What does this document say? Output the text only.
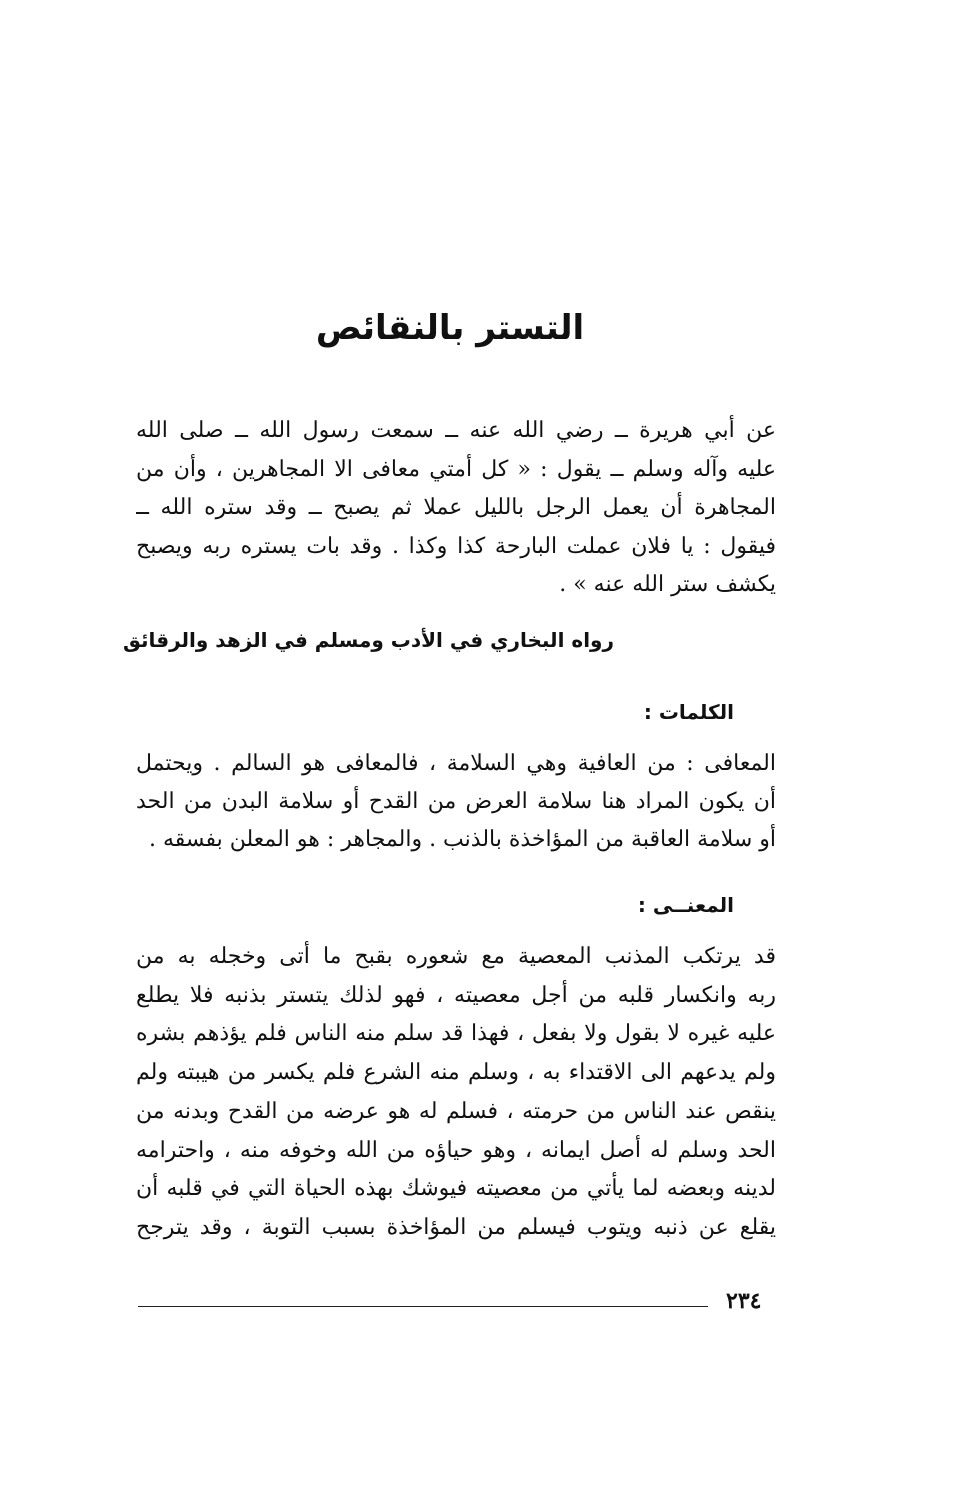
التستر بالنقائص
عن أبي هريرة ــ رضي الله عنه ــ سمعت رسول الله ــ صلى الله
عليه وآله وسلم ــ يقول : « كل أمتي معافى الا المجاهرين ، وأن من
المجاهرة أن يعمل الرجل بالليل عملا ثم يصبح ــ وقد ستره الله ــ
فيقول : يا فلان عملت البارحة كذا وكذا . وقد بات يستره ربه ويصبح
يكشف ستر الله عنه » .
رواه البخاري في الأدب ومسلم في الزهد والرقائق
الكلمات :
المعافى : من العافية وهي السلامة ، فالمعافى هو السالم . ويحتمل
أن يكون المراد هنا سلامة العرض من القدح أو سلامة البدن من الحد
أو سلامة العاقبة من المؤاخذة بالذنب . والمجاهر : هو المعلن بفسقه .
المعنــى :
قد يرتكب المذنب المعصية مع شعوره بقبح ما أتى وخجله به من
ربه وانكسار قلبه من أجل معصيته ، فهو لذلك يتستر بذنبه فلا يطلع
عليه غيره لا بقول ولا بفعل ، فهذا قد سلم منه الناس فلم يؤذهم بشره
ولم يدعهم الى الاقتداء به ، وسلم منه الشرع فلم يكسر من هيبته ولم
ينقص عند الناس من حرمته ، فسلم له هو عرضه من القدح وبدنه من
الحد وسلم له أصل ايمانه ، وهو حياؤه من الله وخوفه منه ، واحترامه
لدينه وبعضه لما يأتي من معصيته فيوشك بهذه الحياة التي في قلبه أن
يقلع عن ذنبه ويتوب فيسلم من المؤاخذة بسبب التوبة ، وقد يترجح
٢٣٤
